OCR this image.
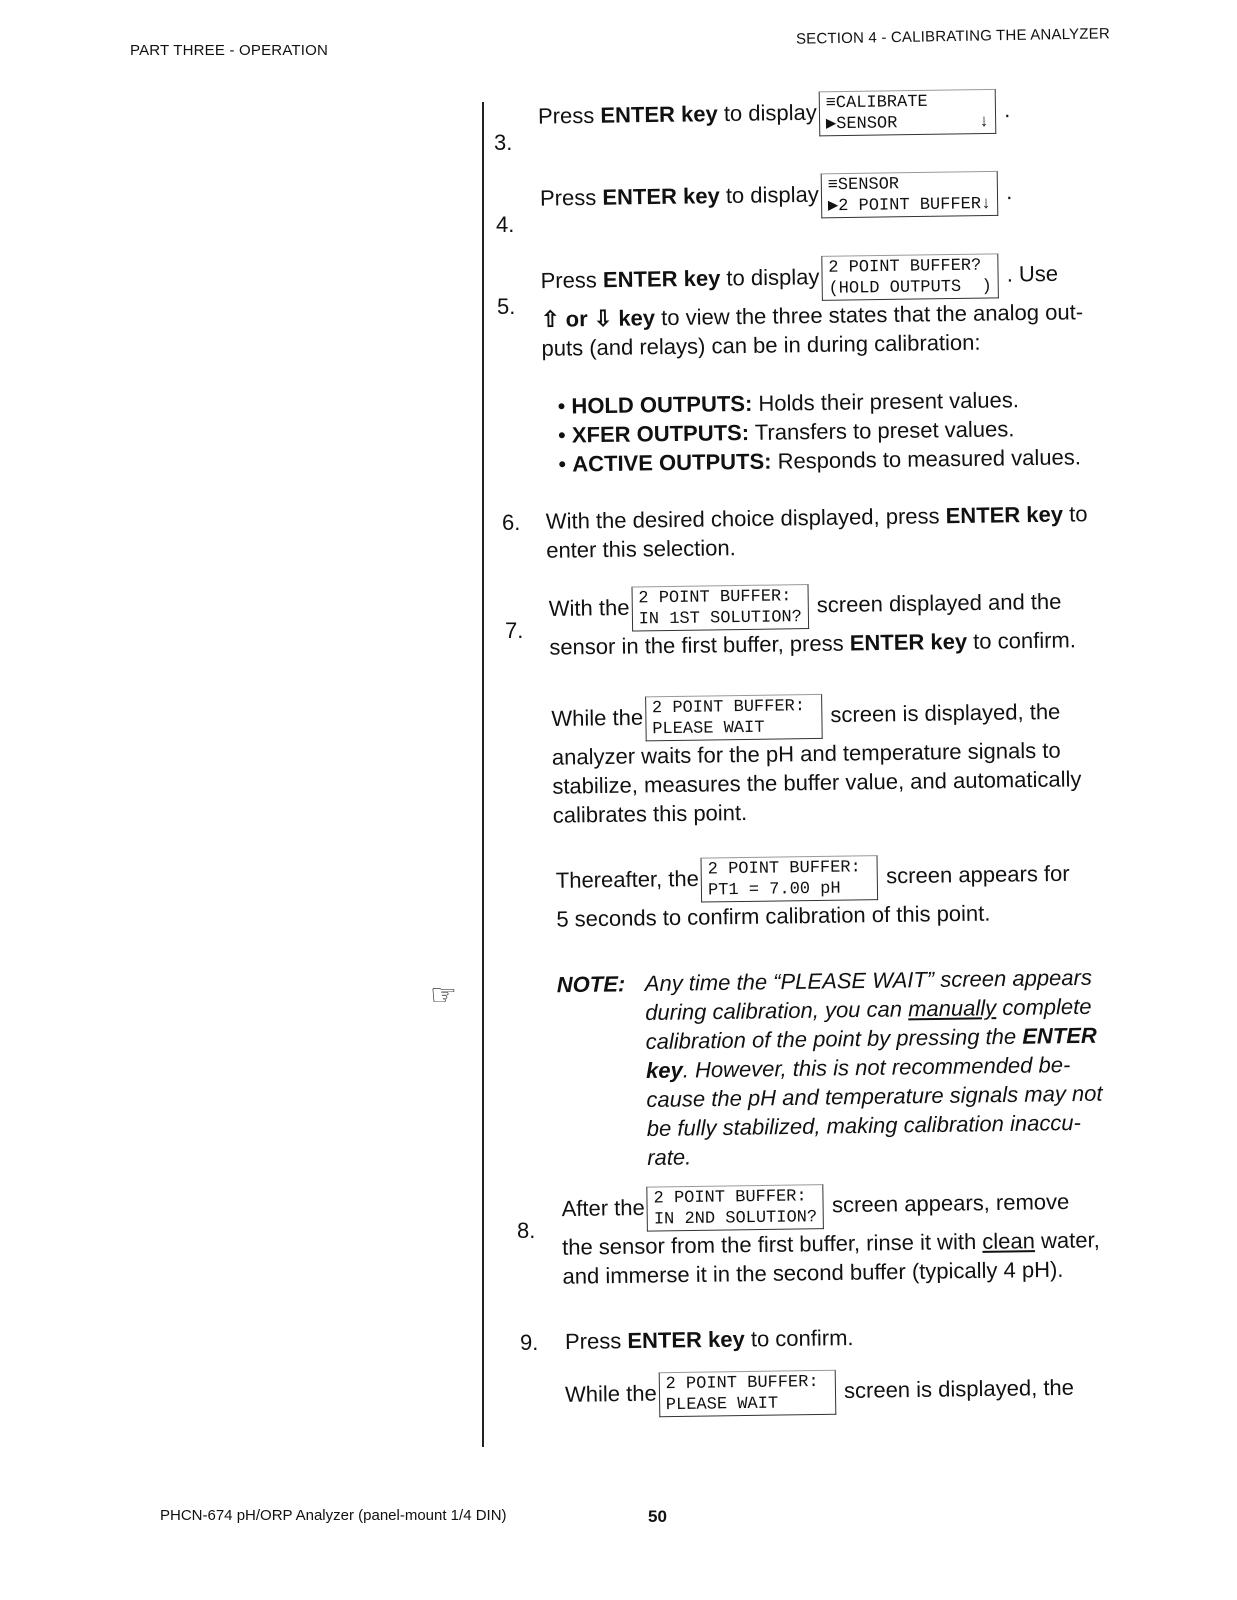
PART THREE - OPERATION
SECTION 4 - CALIBRATING THE ANALYZER
3.
Press ENTER key to display ≡CALIBRATE
▶SENSOR        ↓
.
4.
Press ENTER key to display ≡SENSOR
▶2 POINT BUFFER↓
.
5.
Press ENTER key to display 2 POINT BUFFER?
(HOLD OUTPUTS  )
. Use
⇧ or ⇩ key to view the three states that the analog out-
puts (and relays) can be in during calibration:
• HOLD OUTPUTS: Holds their present values.
• XFER OUTPUTS: Transfers to preset values.
• ACTIVE OUTPUTS: Responds to measured values.
6. With the desired choice displayed, press ENTER key to
enter this selection.
7.
With the 2 POINT BUFFER:
IN 1ST SOLUTION?
screen displayed and the
sensor in the first buffer, press ENTER key to confirm.
While the 2 POINT BUFFER:
PLEASE WAIT
screen is displayed, the
analyzer waits for the pH and temperature signals to
stabilize, measures the buffer value, and automatically
calibrates this point.
Thereafter, the 2 POINT BUFFER:
PT1 = 7.00 pH
screen appears for
5 seconds to confirm calibration of this point.
☞	NOTE: Any time the “PLEASE WAIT” screen appears
during calibration, you can manually complete
calibration of the point by pressing the ENTER
key. However, this is not recommended be-
cause the pH and temperature signals may not
be fully stabilized, making calibration inaccu-
rate.
8.
After the 2 POINT BUFFER:
IN 2ND SOLUTION?
screen appears, remove
the sensor from the first buffer, rinse it with clean water,
and immerse it in the second buffer (typically 4 pH).
9. Press ENTER key to confirm.
While the 2 POINT BUFFER:
PLEASE WAIT
screen is displayed, the
PHCN-674 pH/ORP Analyzer (panel-mount 1/4 DIN)	50
